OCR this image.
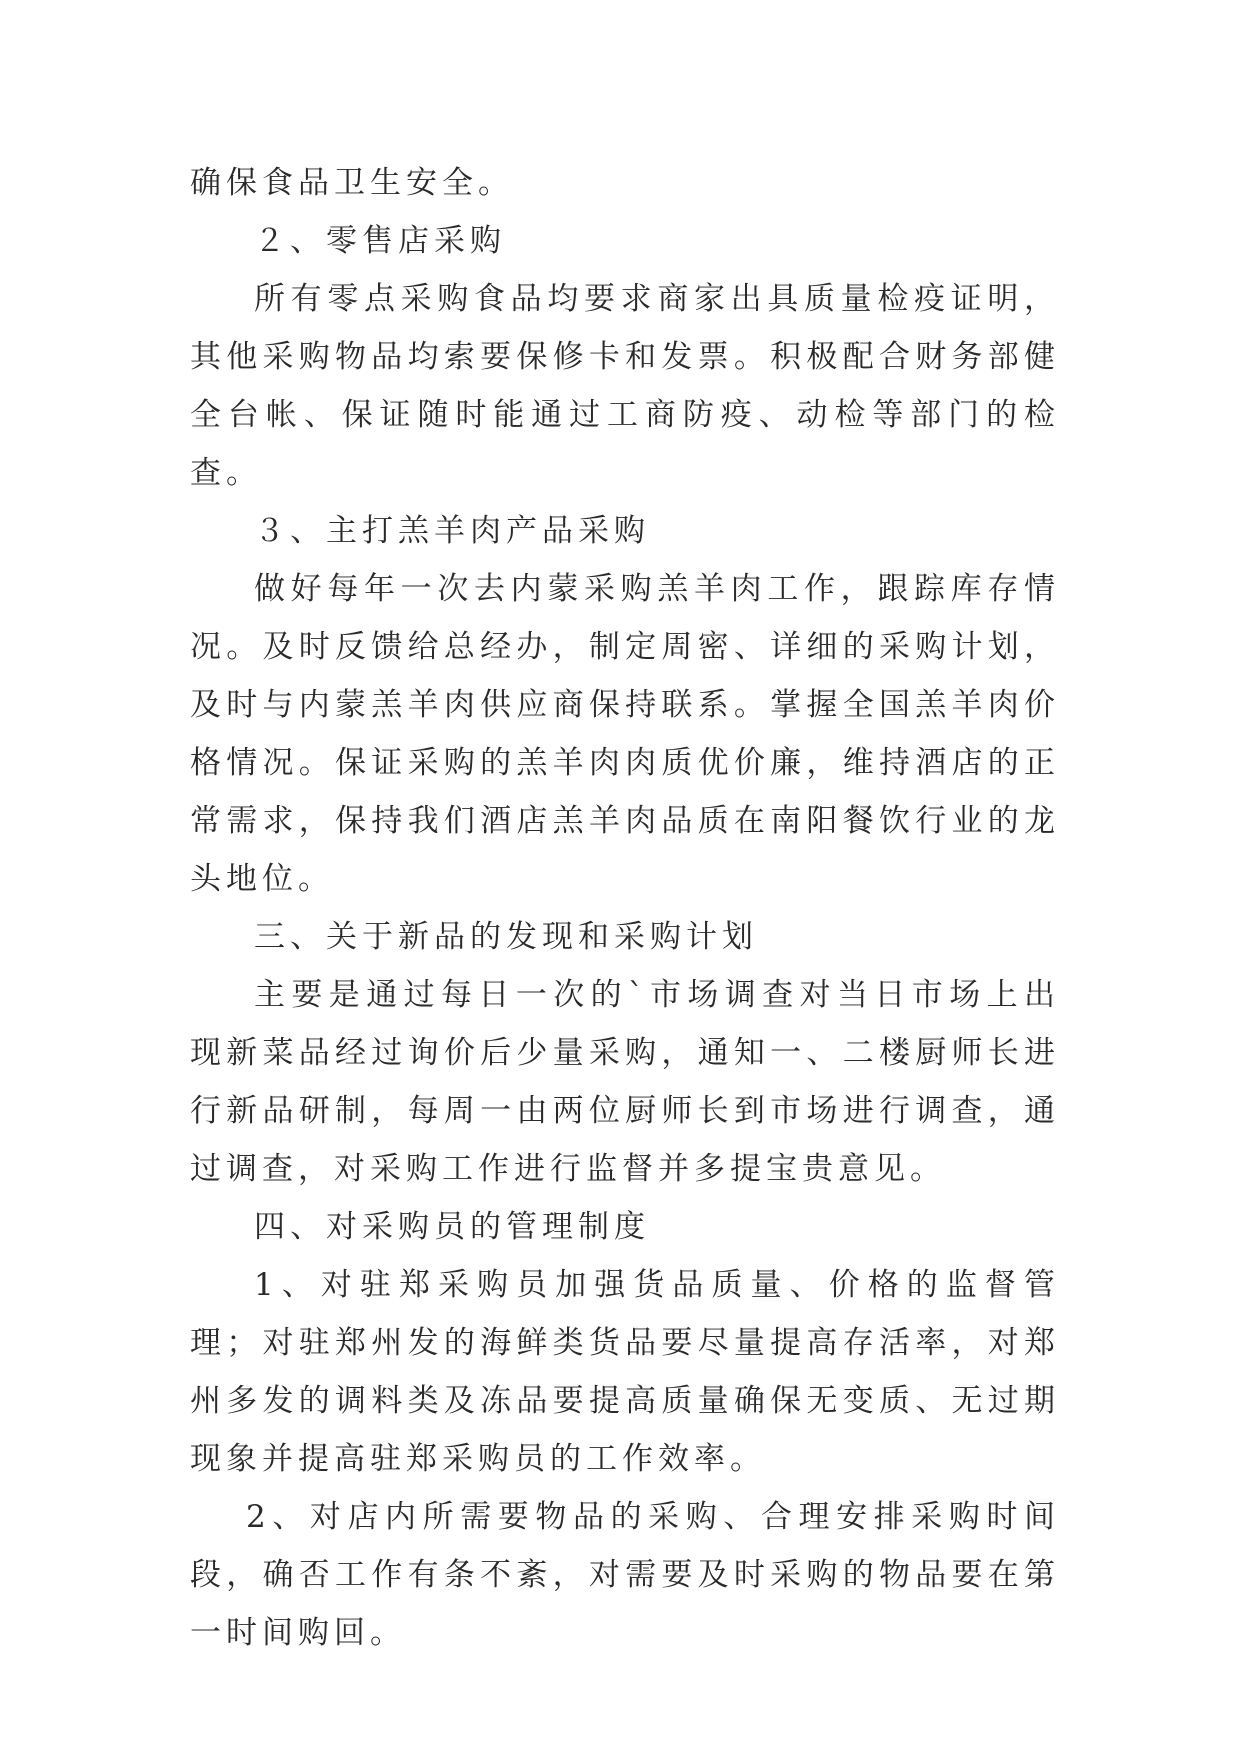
确保食品卫生安全。

２、零售店采购

所有零点采购食品均要求商家出具质量检疫证明，其他采购物品均索要保修卡和发票。积极配合财务部健全台帐、保证随时能通过工商防疫、动检等部门的检查。

３、主打羔羊肉产品采购

做好每年一次去内蒙采购羔羊肉工作，跟踪库存情况。及时反馈给总经办，制定周密、详细的采购计划，及时与内蒙羔羊肉供应商保持联系。掌握全国羔羊肉价格情况。保证采购的羔羊肉肉质优价廉，维持酒店的正常需求，保持我们酒店羔羊肉品质在南阳餐饮行业的龙头地位。

三、关于新品的发现和采购计划

主要是通过每日一次的`市场调查对当日市场上出现新菜品经过询价后少量采购，通知一、二楼厨师长进行新品研制，每周一由两位厨师长到市场进行调查，通过调查，对采购工作进行监督并多提宝贵意见。

四、对采购员的管理制度

1、对驻郑采购员加强货品质量、价格的监督管理；对驻郑州发的海鲜类货品要尽量提高存活率，对郑州多发的调料类及冻品要提高质量确保无变质、无过期现象并提高驻郑采购员的工作效率。

2、对店内所需要物品的采购、合理安排采购时间段，确否工作有条不紊，对需要及时采购的物品要在第一时间购回。
